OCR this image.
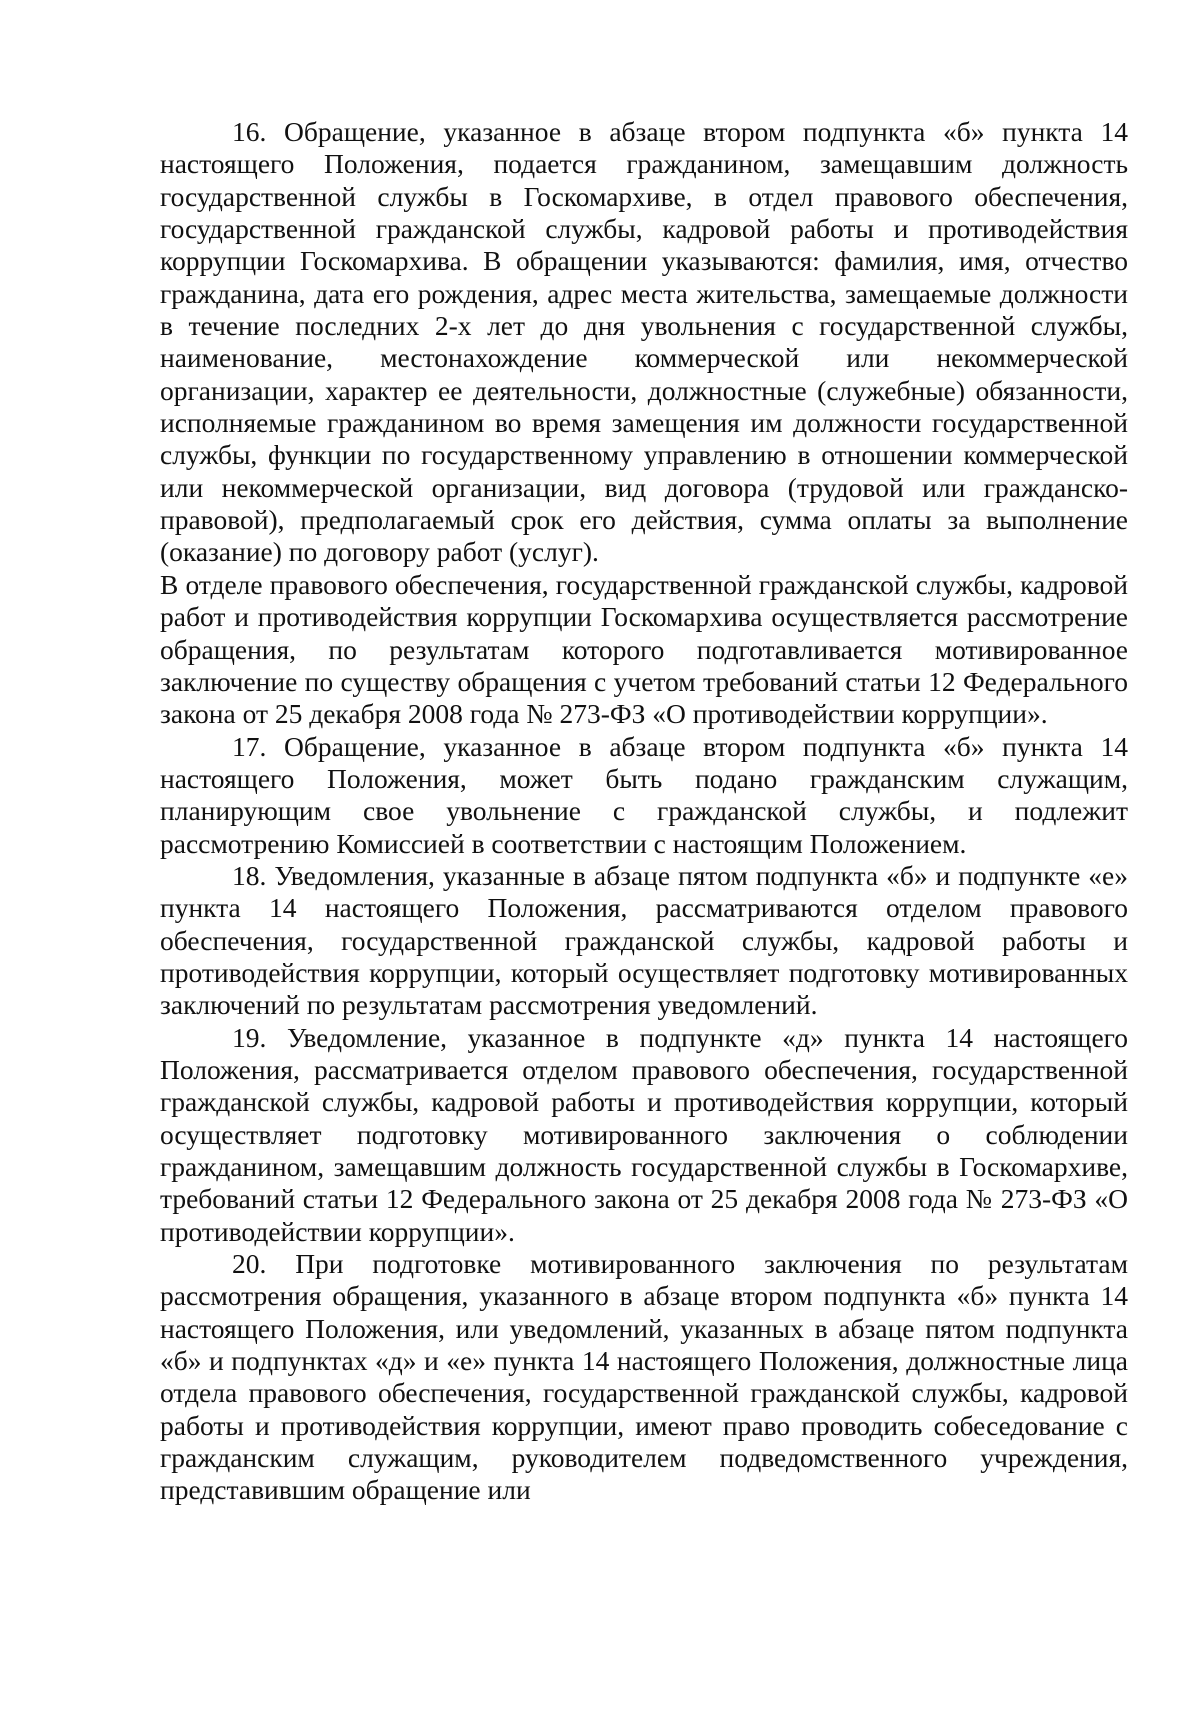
16. Обращение, указанное в абзаце втором подпункта «б» пункта 14 настоящего Положения, подается гражданином, замещавшим должность государственной службы в Госкомархиве, в отдел правового обеспечения, государственной гражданской службы, кадровой работы и противодействия коррупции Госкомархива. В обращении указываются: фамилия, имя, отчество гражданина, дата его рождения, адрес места жительства, замещаемые должности в течение последних 2-х лет до дня увольнения с государственной службы, наименование, местонахождение коммерческой или некоммерческой организации, характер ее деятельности, должностные (служебные) обязанности, исполняемые гражданином во время замещения им должности государственной службы, функции по государственному управлению в отношении коммерческой или некоммерческой организации, вид договора (трудовой или гражданско-правовой), предполагаемый срок его действия, сумма оплаты за выполнение (оказание) по договору работ (услуг).

В отделе правового обеспечения, государственной гражданской службы, кадровой работ и противодействия коррупции Госкомархива осуществляется рассмотрение обращения, по результатам которого подготавливается мотивированное заключение по существу обращения с учетом требований статьи 12 Федерального закона от 25 декабря 2008 года № 273-ФЗ «О противодействии коррупции».

17. Обращение, указанное в абзаце втором подпункта «б» пункта 14 настоящего Положения, может быть подано гражданским служащим, планирующим свое увольнение с гражданской службы, и подлежит рассмотрению Комиссией в соответствии с настоящим Положением.

18. Уведомления, указанные в абзаце пятом подпункта «б» и подпункте «е» пункта 14 настоящего Положения, рассматриваются отделом правового обеспечения, государственной гражданской службы, кадровой работы и противодействия коррупции, который осуществляет подготовку мотивированных заключений по результатам рассмотрения уведомлений.

19. Уведомление, указанное в подпункте «д» пункта 14 настоящего Положения, рассматривается отделом правового обеспечения, государственной гражданской службы, кадровой работы и противодействия коррупции, который осуществляет подготовку мотивированного заключения о соблюдении гражданином, замещавшим должность государственной службы в Госкомархиве, требований статьи 12 Федерального закона от 25 декабря 2008 года № 273-ФЗ «О противодействии коррупции».

20. При подготовке мотивированного заключения по результатам рассмотрения обращения, указанного в абзаце втором подпункта «б» пункта 14 настоящего Положения, или уведомлений, указанных в абзаце пятом подпункта «б» и подпунктах «д» и «е» пункта 14 настоящего Положения, должностные лица отдела правового обеспечения, государственной гражданской службы, кадровой работы и противодействия коррупции, имеют право проводить собеседование с гражданским служащим, руководителем подведомственного учреждения, представившим обращение или
